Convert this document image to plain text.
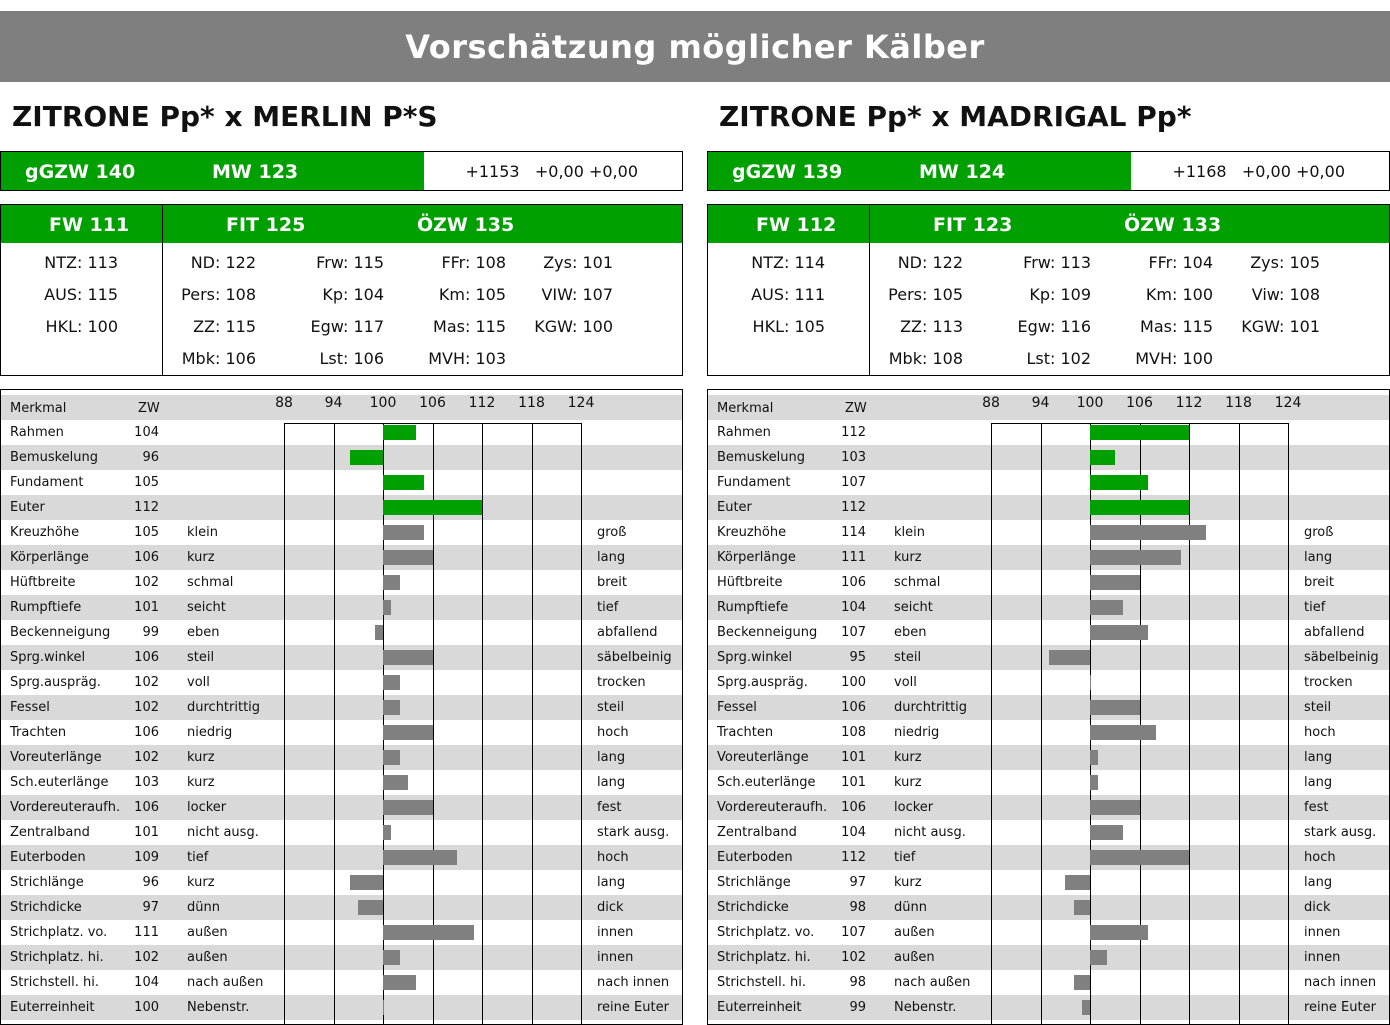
Vorschätzung möglicher Kälber
ZITRONE Pp* x MERLIN P*S
gGZW 140	MW 123	+1153   +0,00 +0,00
FW 111	FIT 125	ÖZW 135
NTZ: 113
AUS: 115
HKL: 100
ND: 122	Frw: 115	FFr: 108	Zys: 101
Pers: 108	Kp: 104	Km: 105	VIW: 107
ZZ: 115	Egw: 117	Mas: 115	KGW: 100
Mbk: 106	Lst: 106	MVH: 103
Merkmal	ZW
Rahmen	104
Bemuskelung	96
Fundament	105
Euter	112
Kreuzhöhe	105 klein	groß
Körperlänge	106 kurz	lang
Hüftbreite	102 schmal	breit
Rumpftiefe	101 seicht	tief
Beckenneigung	99 eben	abfallend
Sprg.winkel	106 steil	säbelbeinig
Sprg.auspräg.	102 voll	trocken
Fessel	102 durchtrittig	steil
Trachten	106 niedrig	hoch
Voreuterlänge	102 kurz	lang
Sch.euterlänge	103 kurz	lang
Vordereuteraufh.	106 locker	fest
Zentralband	101 nicht ausg.	stark ausg.
Euterboden	109 tief	hoch
Strichlänge	96 kurz	lang
Strichdicke	97 dünn	dick
Strichplatz. vo.	111 außen	innen
Strichplatz. hi.	102 außen	innen
Strichstell. hi.	104 nach außen	nach innen
Euterreinheit	100 Nebenstr.	reine Euter
88 94 100 106 112 118 124
ZITRONE Pp* x MADRIGAL Pp*
gGZW 139	MW 124	+1168   +0,00 +0,00
FW 112	FIT 123	ÖZW 133
NTZ: 114
AUS: 111
HKL: 105
ND: 122	Frw: 113	FFr: 104	Zys: 105
Pers: 105	Kp: 109	Km: 100	Viw: 108
ZZ: 113	Egw: 116	Mas: 115	KGW: 101
Mbk: 108	Lst: 102	MVH: 100
Merkmal	ZW
Rahmen	112
Bemuskelung	103
Fundament	107
Euter	112
Kreuzhöhe	114 klein	groß
Körperlänge	111 kurz	lang
Hüftbreite	106 schmal	breit
Rumpftiefe	104 seicht	tief
Beckenneigung	107 eben	abfallend
Sprg.winkel	95 steil	säbelbeinig
Sprg.auspräg.	100 voll	trocken
Fessel	106 durchtrittig	steil
Trachten	108 niedrig	hoch
Voreuterlänge	101 kurz	lang
Sch.euterlänge	101 kurz	lang
Vordereuteraufh.	106 locker	fest
Zentralband	104 nicht ausg.	stark ausg.
Euterboden	112 tief	hoch
Strichlänge	97 kurz	lang
Strichdicke	98 dünn	dick
Strichplatz. vo.	107 außen	innen
Strichplatz. hi.	102 außen	innen
Strichstell. hi.	98 nach außen	nach innen
Euterreinheit	99 Nebenstr.	reine Euter
88 94 100 106 112 118 124
